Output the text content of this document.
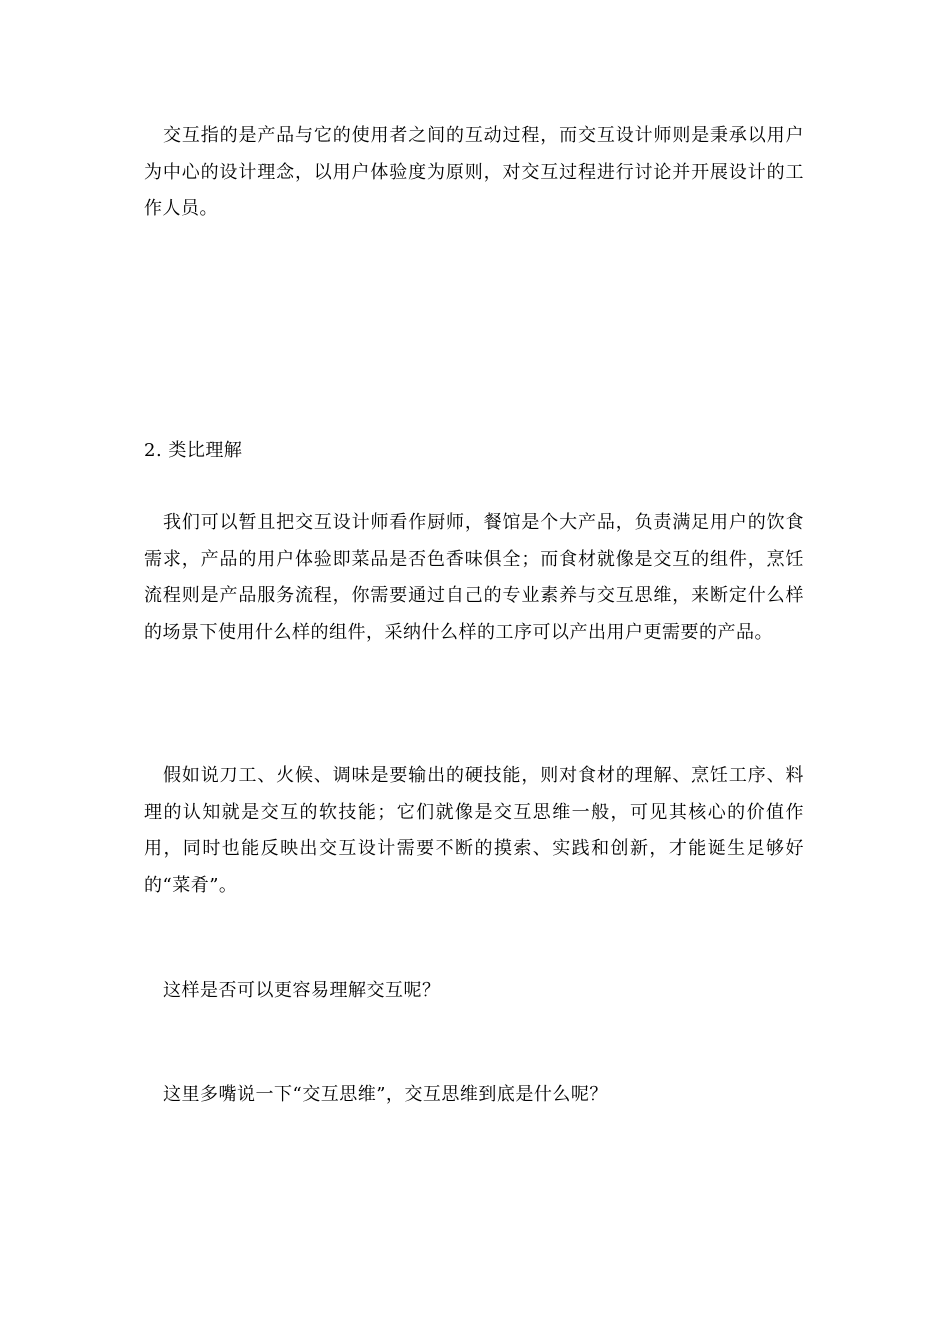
交互指的是产品与它的使用者之间的互动过程，而交互设计师则是秉承以用户为中心的设计理念，以用户体验度为原则，对交互过程进行讨论并开展设计的工作人员。

2. 类比理解

我们可以暂且把交互设计师看作厨师，餐馆是个大产品，负责满足用户的饮食需求，产品的用户体验即菜品是否色香味俱全；而食材就像是交互的组件，烹饪流程则是产品服务流程，你需要通过自己的专业素养与交互思维，来断定什么样的场景下使用什么样的组件，采纳什么样的工序可以产出用户更需要的产品。

假如说刀工、火候、调味是要输出的硬技能，则对食材的理解、烹饪工序、料理的认知就是交互的软技能；它们就像是交互思维一般，可见其核心的价值作用，同时也能反映出交互设计需要不断的摸索、实践和创新，才能诞生足够好的“菜肴”。

这样是否可以更容易理解交互呢？

这里多嘴说一下“交互思维”，交互思维到底是什么呢？
